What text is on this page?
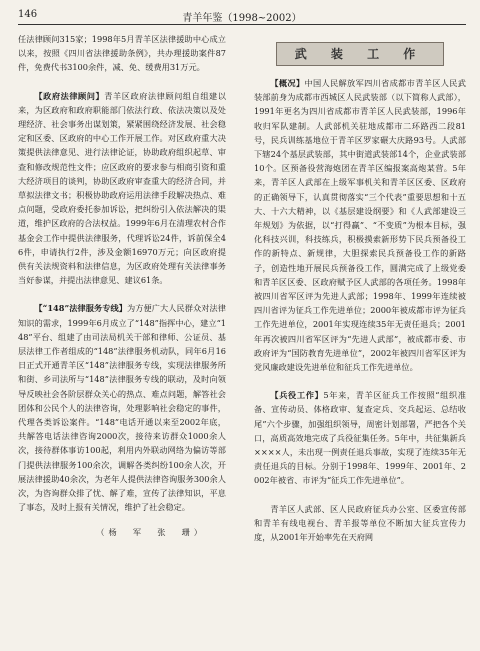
146	青羊年鉴（1998~2002）

任法律顾问315家；1998年5月青羊区法律援助中心成立以来，按照《四川省法律援助条例》，共办理援助案件87件，免费代书3100余件，减、免、缓费用31万元。

【政府法律顾问】青羊区政府法律顾问组自组建以来，为区政府和政府职能部门依法行政、依法决策以及处理经济、社会事务出谋划策，紧紧围绕经济发展、社会稳定和区委、区政府的中心工作开展工作。对区政府重大决策提供法律意见、进行法律论证，协助政府组织起草、审查和修改规范性文件；应区政府的要求参与相商引资和重大经济项目的谈判，协助区政府审查重大的经济合同，并草拟法律文书；积极协助政府运用法律手段解决热点、难点问题，受政府委托参加诉讼，把纠纷引入依法解决的渠道，维护区政府的合法权益。1999年6月在清理农村合作基金会工作中提供法律服务，代理诉讼24件，诉前保全46件，申请执行2件，涉及金额16970万元；向区政府提供有关法规资料和法律信息，为区政府处理有关法律事务当好参谋，并提出法律意见、建议61条。

【“148”法律服务专线】为方便广大人民群众对法律知识的需求，1999年6月成立了“148”指挥中心，建立“148”平台、组建了由司法局机关干部和律师、公证员、基层法律工作者组成的“148”法律服务机动队，同年6月16日正式开通青羊区“148”法律服务专线，实现法律服务所和街、乡司法所与“148”法律服务专线的联动，及时向领导反映社会各阶层群众关心的热点、难点问题，解答社会团体和公民个人的法律咨询，处理影响社会稳定的事件，代理各类诉讼案件。“148”电话开通以来至2002年底，共解答电话法律咨询2000次，接待来访群众1000余人次，接待群体事访100起，利用内外联动网络为偏访等部门提供法律服务100余次，调解各类纠纷100余人次，开展法律援助40余次，为老年人提供法律咨询服务300余人次，为咨询群众排了忧、解了难，宣传了法律知识，平息了事态，及时上报有关情况，维护了社会稳定。

（杨　军　张　珊）
武 装 工 作

【概况】中国人民解放军四川省成都市青羊区人民武装部前身为成都市西城区人民武装部（以下简称人武部），1991年更名为四川省成都市青羊区人民武装部，1996年收归军队建制。人武部机关驻地成都市二环路西二段81号，民兵训练基地位于青羊区罗家碾大庆路93号。人武部下辖24个基层武装部，其中街道武装部14个，企业武装部10个。区预备役营海炮团在青羊区编报案高炮某营。5年来，青羊区人武部在上级军事机关和青羊区区委、区政府的正确领导下，认真贯彻落实“三个代表”重要思想和十五大、十六大精神，以《基层建设纲要》和《人武部建设三年规划》为依据，以“打得赢”、“不变质”为根本目标，强化科技兴训，科技练兵，积极摸索新形势下民兵预备役工作的新特点、新规律，大胆探索民兵预备役工作的新路子，创造性地开展民兵预备役工作，圆满完成了上级党委和青羊区区委、区政府赋予区人武部的各项任务。1998年被四川省军区评为先进人武部；1998年、1999年连续被四川省评为征兵工作先进单位；2000年被成都市评为征兵工作先进单位，2001年实现连续35年无责任退兵；2001年再次被四川省军区评为“先进人武部”，被成都市委、市政府评为“国防教育先进单位”，2002年被四川省军区评为党风廉政建设先进单位和征兵工作先进单位。

【兵役工作】5年来，青羊区征兵工作按照“组织准备、宣传动员、体格政审、复查定兵、交兵起运、总结收尾”六个步骤，加强组织领导，周密计划部署，严把各个关口，高质高效地完成了兵役征集任务。5年中，共征集新兵××××人，未出现一例责任退兵事故，实现了连续35年无责任退兵的目标。分别于1998年、1999年、2001年、2002年被省、市评为“征兵工作先进单位”。

青羊区人武部、区人民政府征兵办公室、区委宣传部和青羊有线电视台、青羊报等单位不断加大征兵宣传力度，从2001年开始率先在天府网
